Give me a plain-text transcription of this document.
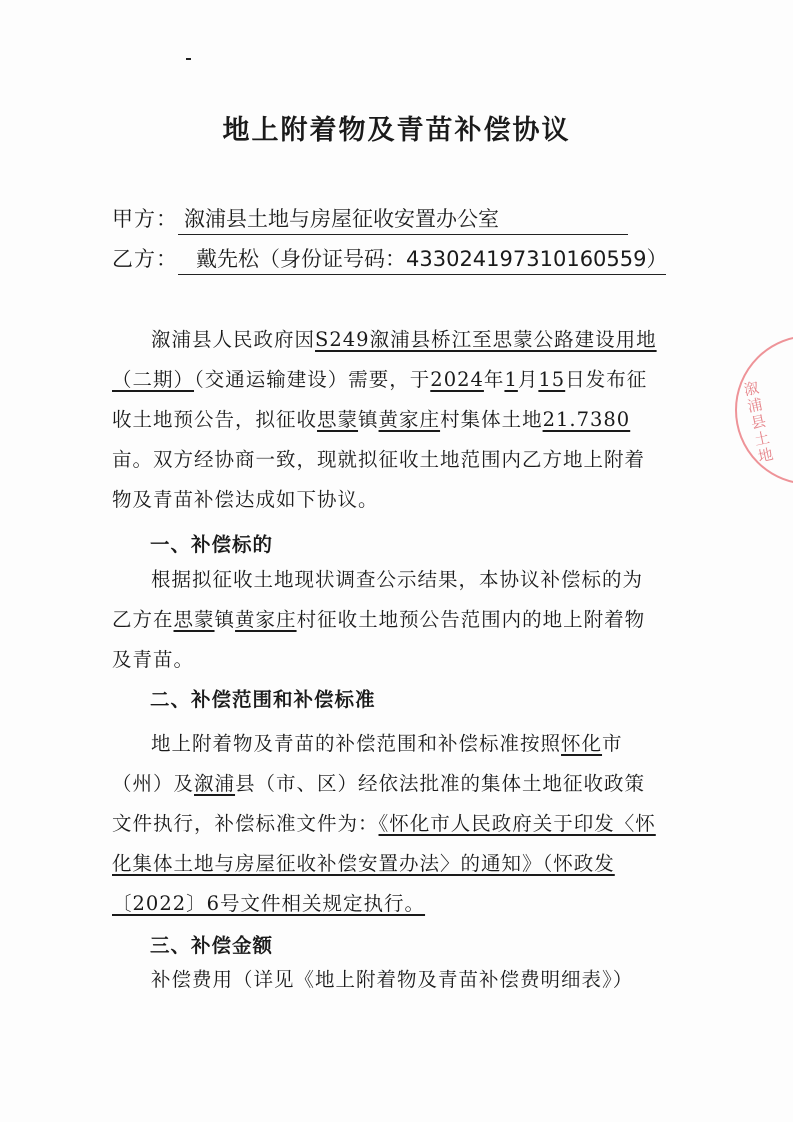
地上附着物及青苗补偿协议
甲方： 溆浦县土地与房屋征收安置办公室
乙方： 戴先松（身份证号码：433024197310160559）
溆浦县人民政府因S249溆浦县桥江至思蒙公路建设用地（二期）（交通运输建设）需要，于2024年1月15日发布征收土地预公告，拟征收思蒙镇黄家庄村集体土地21.7380亩。双方经协商一致，现就拟征收土地范围内乙方地上附着物及青苗补偿达成如下协议。
一、补偿标的
根据拟征收土地现状调查公示结果，本协议补偿标的为乙方在思蒙镇黄家庄村征收土地预公告范围内的地上附着物及青苗。
二、补偿范围和补偿标准
地上附着物及青苗的补偿范围和补偿标准按照怀化市（州）及溆浦县（市、区）经依法批准的集体土地征收政策文件执行，补偿标准文件为：《怀化市人民政府关于印发〈怀化集体土地与房屋征收补偿安置办法〉的通知》（怀政发〔2022〕6号文件相关规定执行。
三、补偿金额
补偿费用（详见《地上附着物及青苗补偿费明细表》）
溆浦县土地
